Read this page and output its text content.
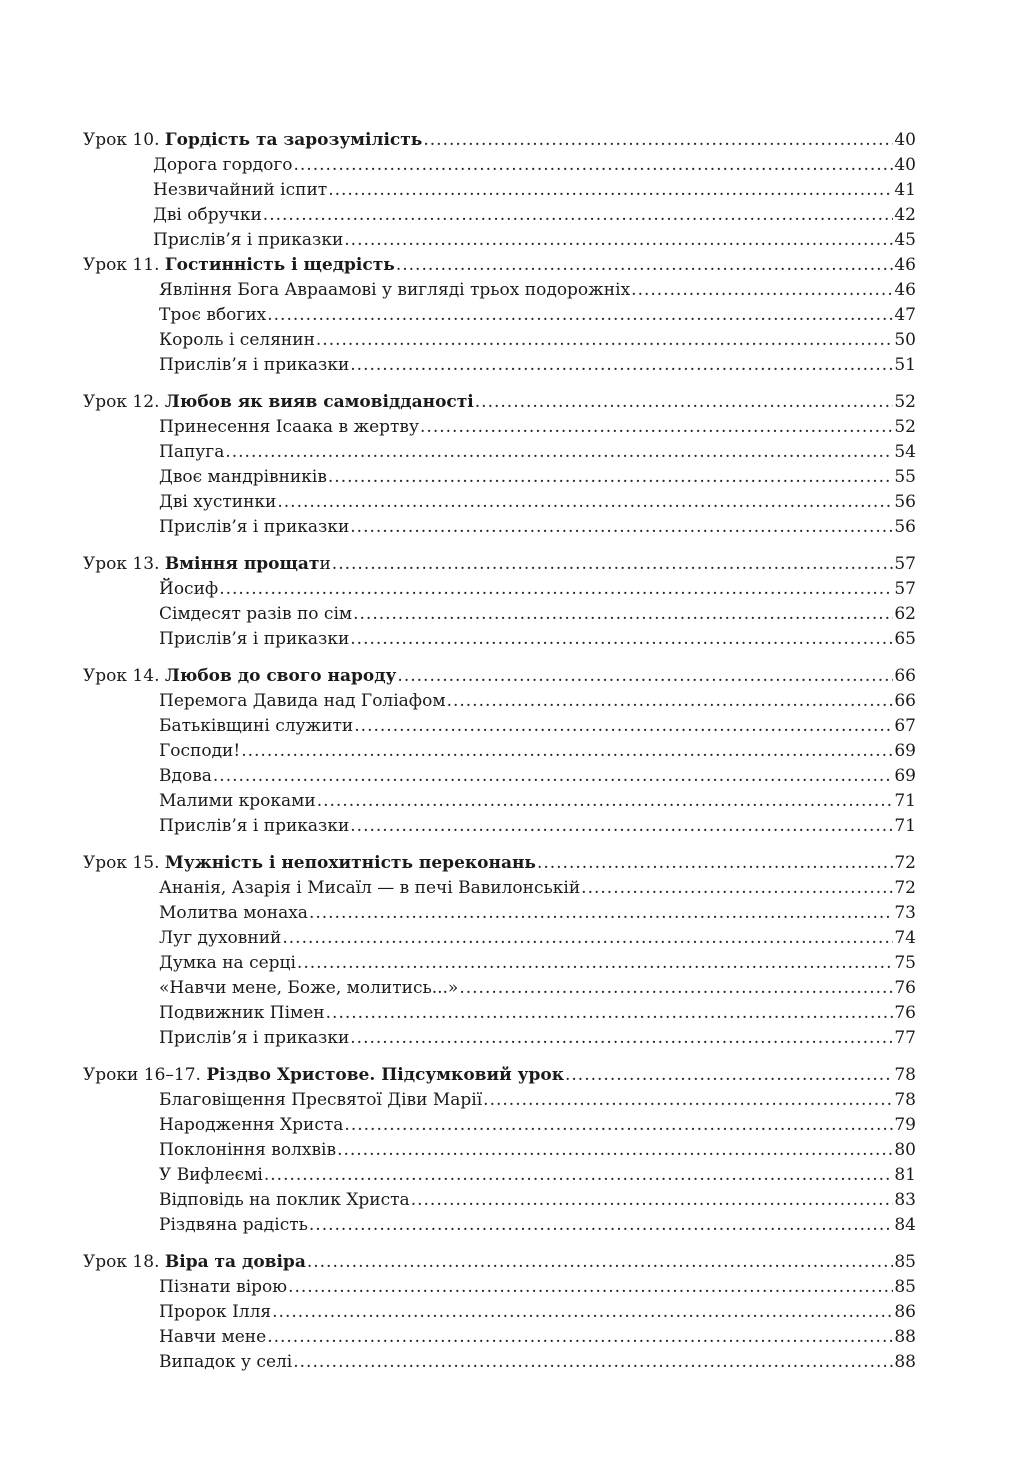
Урок 10. Гордість та зарозумілість .....	40
Дорога гордого .....	40
Незвичайний іспит .....	41
Дві обручки .....	42
Прислів’я і приказки .....	45
Урок 11. Гостинність і щедрість .....	46
Явління Бога Авраамові у вигляді трьох подорожніх .....	46
Троє вбогих .....	47
Король і селянин .....	50
Прислів’я і приказки .....	51
Урок 12. Любов як вияв самовідданості .....	52
Принесення Ісаака в жертву .....	52
Папуга .....	54
Двоє мандрівників .....	55
Дві хустинки .....	56
Прислів’я і приказки .....	56
Урок 13. Вміння прощати .....	57
Йосиф .....	57
Сімдесят разів по сім .....	62
Прислів’я і приказки .....	65
Урок 14. Любов до свого народу .....	66
Перемога Давида над Голіафом .....	66
Батьківщині служити .....	67
Господи! .....	69
Вдова .....	69
Малими кроками .....	71
Прислів’я і приказки .....	71
Урок 15. Мужність і непохитність переконань .....	72
Ананія, Азарія і Мисаїл — в печі Вавилонській .....	72
Молитва монаха .....	73
Луг духовний .....	74
Думка на серці .....	75
«Навчи мене, Боже, молитись...» .....	76
Подвижник Пімен .....	76
Прислів’я і приказки .....	77
Уроки 16–17. Різдво Христове. Підсумковий урок .....	78
Благовіщення Пресвятої Діви Марії .....	78
Народження Христа .....	79
Поклоніння волхвів .....	80
У Вифлеємі .....	81
Відповідь на поклик Христа .....	83
Різдвяна радість .....	84
Урок 18. Віра та довіра .....	85
Пізнати вірою .....	85
Пророк Ілля .....	86
Навчи мене .....	88
Випадок у селі .....	88
